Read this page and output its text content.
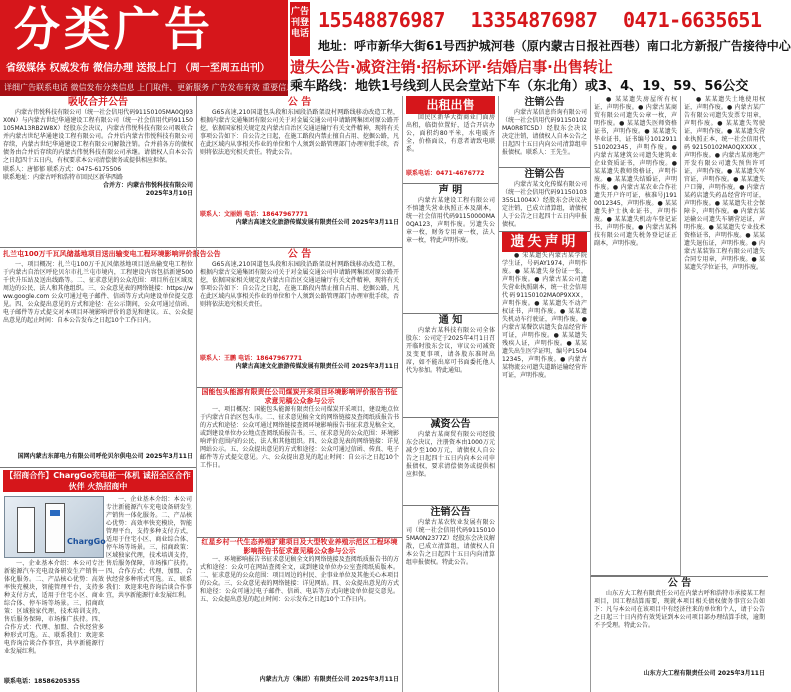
分类广告
省级媒体 权威发布 微信办理 送报上门 （周一至周五出刊）
详细广告联系电话 微信发布分类信息 上门取件、更新服务 广告发布有效 重要信息刊登在此 内蒙古晨报分类广告
广告刊登电话
15548876987 13354876987 0471-6635651
地址：呼市新华大街61号西护城河巷（原内蒙古日报社西巷）南口北方新报广告接待中心
遗失公告·减资注销·招标环评·结婚启事·出售转让
乘车路线：地铁1号线到人民会堂站下车（东北角）或3、4、19、59、56公交
吸收合并公告

内蒙古伟悦科技有限公司（统一社会信用代码91150105MA0QJ93X0N）与内蒙古世纪华通建设工程有限公司（统一社会信用代码91150105MA13RB2W8X）经股东会决议，内蒙古伟悦科技有限公司吸收合并内蒙古世纪华通建设工程有限公司。合并后内蒙古伟悦科技有限公司存续，内蒙古世纪华通建设工程有限公司解散注销。合并前各方的债权债务由合并后存续的内蒙古伟悦科技有限公司承继。请债权人自本公告之日起四十五日内，有权要求本公司清偿债务或提供相应担保。

联系人：唐郁郁 联系方式：0475-6175506
联系地址：内蒙古呼和浩特市回民区新华西路
合并方：内蒙古伟悦科技有限公司
2025年3月10日
扎兰屯100万千瓦风储基地项目送出输变电工程环境影响评价报告公告

一、项目概况：扎兰屯100万千瓦风储基地项目送出输变电工程位于内蒙古自治区呼伦贝尔市扎兰屯市境内，工程建设内容包括新建500千伏升压站及送出线路等。二、征求意见的公众范围：项目所在区域及周边的公民、法人和其他组织。三、公众意见表的网络链接：https://www.google.com 公众可通过电子邮件、信函等方式向建设单位提交意见。四、公众提出意见的方式和途径：在公示期间，公众可通过信函、电子邮件等方式提交对本项目环境影响评价的意见和建议。五、公众提出意见的起止时间：自本公告发布之日起10个工作日内。

国网内蒙古东部电力有限公司呼伦贝尔供电公司 2025年3月11日
【招商合作】ChargGo充电桩一体机 诚招全区合作伙伴 火热招商中
ChargGo

一、企业基本介绍：本公司专注新能源汽车充电设备研发生产销售一体化服务。二、产品核心优势：高效率快充模块，智能管理平台，支持多种支付方式，适用于住宅小区、商业综合体、停车场等场景。三、招商政策：区域独家代理，技术培训支持，售后服务保障，市场推广扶持。四、合作方式：代理、加盟、合伙经营多种形式可选。五、联系我们：欢迎来电咨询洽谈合作事宜，共享新能源行业发展红利。

一、企业基本介绍：本公司专注新能源汽车充电设备研发生产销售一体化服务。二、产品核心优势：高效率快充模块，智能管理平台，支持多种支付方式，适用于住宅小区、商业综合体、停车场等场景。三、招商政策：区域独家代理，技术培训支持，售后服务保障，市场推广扶持。四、合作方式：代理、加盟、合伙经营多种形式可选。五、联系我们：欢迎来电咨询洽谈合作事宜，共享新能源行业发展红利。

联系电话：18586205355
公 告

G65高速,210国道包头段和东园段沿路架设村网路线移动改造工程，根据内蒙古交通集团有限公司关于对金属交通公司申请路网集团对原公路开挖，依据国家相关规定及内蒙古自治区交通运输厅有关文件精神，现将有关事项公告如下：自公告之日起，在施工路段内禁止擅自占用、挖掘公路，凡在此区域内从事相关作业的单位和个人须到公路管理部门办理审批手续，否则将依法追究相关责任。特此公告。

联系人：文丽娟 电话：18647967771
内蒙古高速文化旅游传媒发展有限责任公司 2025年3月11日
公 告

G65高速,210国道包头段和东园段沿路架设村网路线移动改造工程，根据内蒙古交通集团有限公司关于对金属交通公司申请路网集团对原公路开挖，依据国家相关规定及内蒙古自治区交通运输厅有关文件精神，现将有关事项公告如下：自公告之日起，在施工路段内禁止擅自占用、挖掘公路，凡在此区域内从事相关作业的单位和个人须到公路管理部门办理审批手续，否则将依法追究相关责任。

联系人：王鹏 电话：18647967771
内蒙古高速文化旅游传媒发展有限责任公司 2025年3月11日
国能包头能源有限责任公司煤炭开采项目环境影响评价报告书征求意见稿公众参与公示

一、项目概况：国能包头能源有限责任公司煤炭开采项目，建设地点位于内蒙古自治区包头市。二、征求意见稿全文的网络链接及查阅纸质报告书的方式和途径：公众可通过网络链接查阅环境影响报告书征求意见稿全文，或到建设单位办公地点查阅纸质报告书。三、征求意见的公众范围：环境影响评价范围内的公民、法人和其他组织。四、公众意见表的网络链接：详见网站公示。五、公众提出意见的方式和途径：公众可通过信函、传真、电子邮件等方式提交意见。六、公众提出意见的起止时间：自公示之日起10个工作日。

红星乡村一代生态养殖扩建项目及大型牧业养殖示范区工程环境影响报告书征求意见稿公众参与公示

一、环境影响报告书征求意见稿全文的网络链接及查阅纸质报告书的方式和途径：公众可在网站查阅全文，或到建设单位办公室查阅纸质版本。二、征求意见的公众范围：项目周边的村民、企事业单位及其他关心本项目的公众。三、公众意见表的网络链接：详见网站。四、公众提出意见的方式和途径：公众可通过电子邮件、信函、电话等方式向建设单位提交意见。五、公众提出意见的起止时间：公示发布之日起10个工作日内。

内蒙古九方（集团）有限责任公司 2025年3月11日
出租出售

回民区新华大街商业门面房出租，临街位置好，适合开店办公，面积约80平米，水电暖齐全，价格面议，有意者请致电联系。

联系电话：0471-4676772
声 明

内蒙古某建设工程有限公司不慎遗失营业执照正本及副本，统一社会信用代码91150000MA0QA123，声明作废。另遗失公章一枚，财务专用章一枚，法人章一枚，特此声明作废。

通 知

内蒙古某科技有限公司全体股东：公司定于2025年4月1日召开临时股东会议，审议公司减资及变更事项，请各股东准时出席，如不能出席可书面委托他人代为参加。特此通知。

减资公告

内蒙古某商贸有限公司经股东会决议，注册资本由1000万元减少至100万元，请债权人自公告之日起四十五日内向本公司申报债权，要求清偿债务或提供相应担保。

注销公告

内蒙古某农牧业发展有限公司（统一社会信用代码91150105MA0N2377Z）经股东会决议解散，已成立清算组，请债权人自本公告之日起四十五日内向清算组申报债权。特此公告。

注销公告

内蒙古某信息咨询有限公司（统一社会信用代码91150102MA0R8TC5D）经股东会决议决定注销，请债权人自本公告之日起四十五日内向公司清算组申报债权。联系人：王先生。

注销公告

内蒙古某文化传媒有限公司（统一社会信用代码91150103355L1004X）经股东会决议决定注销，已成立清算组，请债权人于公告之日起四十五日内申报债权。

遗失声明

● 宋某遗失内蒙古某学院学生证，号码AY1974，声明作废。● 某某遗失身份证一张，声明作废。● 内蒙古某公司遗失营业执照副本，统一社会信用代码91150102MA0P9XXX，声明作废。● 某某遗失不动产权证书，声明作废。● 某某遗失机动车行驶证，声明作废。● 内蒙古某餐饮店遗失食品经营许可证，声明作废。● 某某遗失残疾人证，声明作废。● 某某遗失出生医学证明，编号P150412345，声明作废。● 内蒙古某物流公司遗失道路运输经营许可证，声明作废。

● 某某遗失房屋所有权证，声明作废。● 内蒙古某商贸有限公司遗失公章一枚，声明作废。● 某某遗失医师资格证书，声明作废。● 某某遗失毕业证书，证书编号1012911510202345，声明作废。● 内蒙古某建筑公司遗失建筑业企业资质证书，声明作废。● 某某遗失教师资格证，声明作废。● 某某遗失结婚证，声明作废。● 内蒙古某农业合作社遗失开户许可证，核准号J1910012345，声明作废。● 某某遗失护士执业证书，声明作废。● 某某遗失机动车登记证书，声明作废。● 内蒙古某科技有限公司遗失税务登记证正副本，声明作废。

公 告

山东方大工程有限责任公司在内蒙古呼和浩特市承接某工程项目，因工程结算需要，现就本项目相关债权债务事宜公告如下：凡与本公司在该项目中有经济往来的单位和个人，请于公告之日起三十日内持有效凭证到本公司项目部办理结算手续，逾期不予受理。特此公告。

山东方大工程有限责任公司 2025年3月11日

● 某某遗失土地使用权证，声明作废。● 内蒙古某广告有限公司遗失发票专用章，声明作废。● 某某遗失驾驶证，声明作废。● 某某遗失营业执照正本，统一社会信用代码92150102MA0QXXXX，声明作废。● 内蒙古某房地产开发有限公司遗失预售许可证，声明作废。● 某某遗失军官证，声明作废。● 某某遗失户口簿，声明作废。● 内蒙古某药店遗失药品经营许可证，声明作废。● 某某遗失社会保障卡，声明作废。● 内蒙古某运输公司遗失车辆营运证，声明作废。● 某某遗失专业技术资格证书，声明作废。● 某某遗失退伍证，声明作废。● 内蒙古某装饰工程有限公司遗失合同专用章，声明作废。● 某某遗失学位证书，声明作废。
